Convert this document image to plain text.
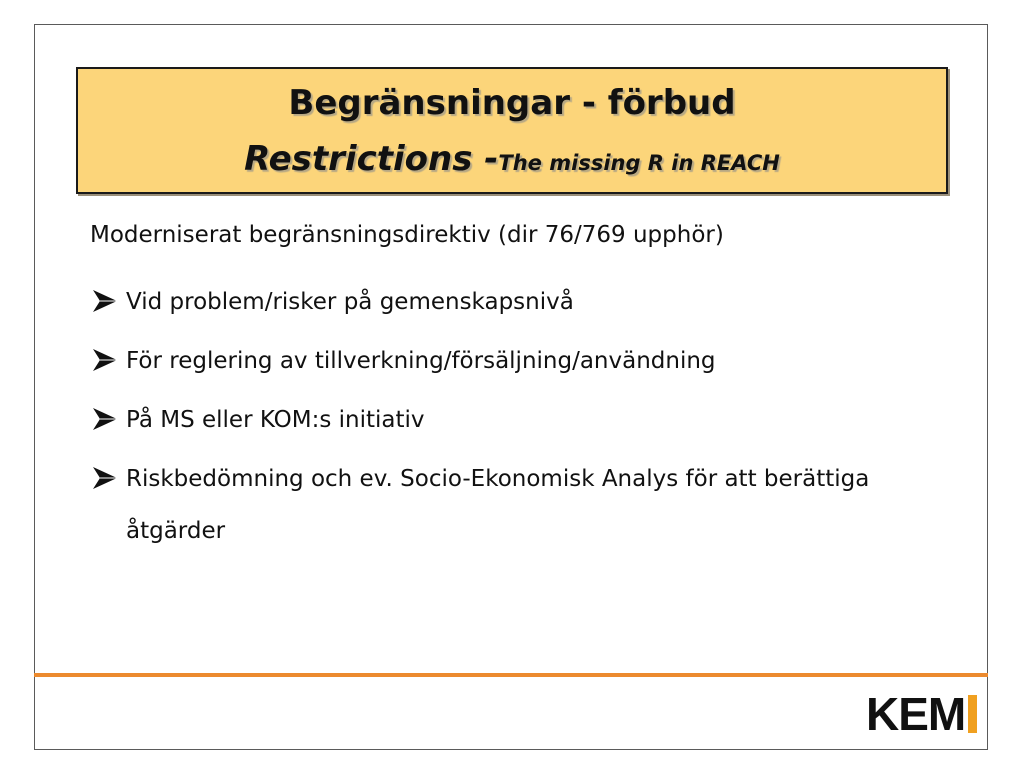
Begränsningar - förbud
Restrictions -The missing R in REACH
Moderniserat begränsningsdirektiv (dir 76/769 upphör)
Vid problem/risker på gemenskapsnivå
För reglering av tillverkning/försäljning/användning
På MS eller KOM:s initiativ
Riskbedömning och ev. Socio-Ekonomisk Analys för att berättiga åtgärder
KEM
